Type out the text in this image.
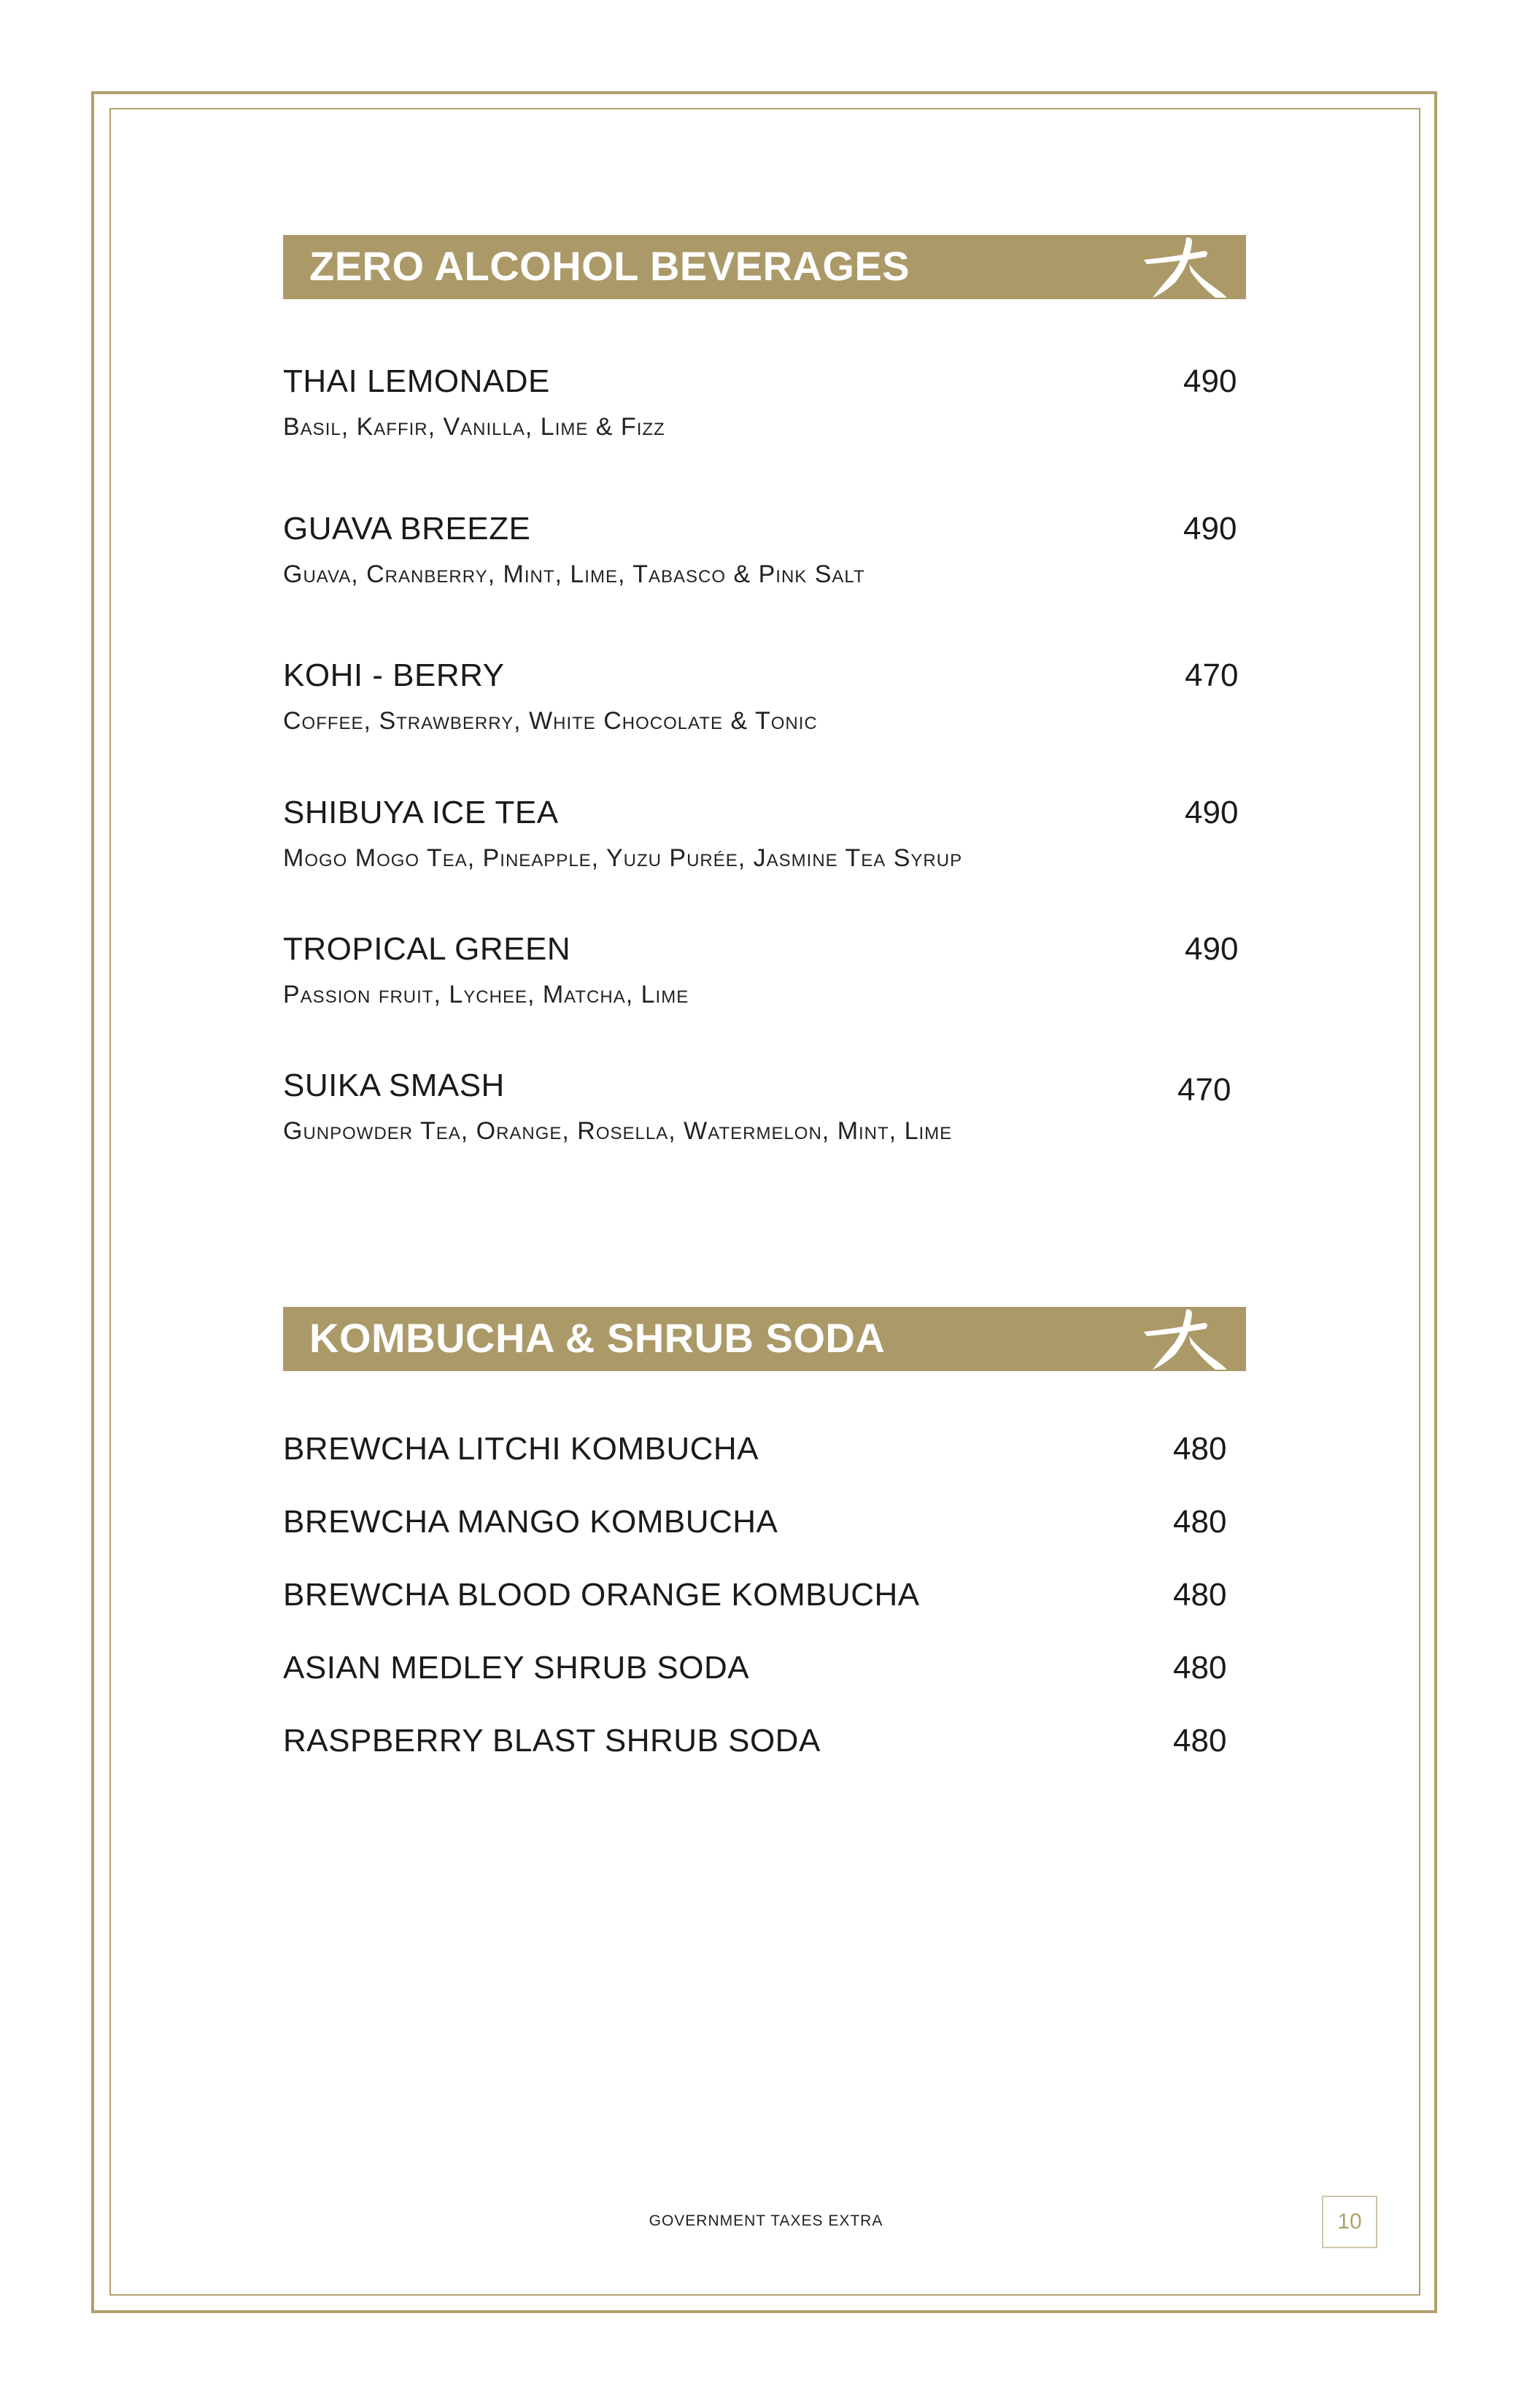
ZERO ALCOHOL BEVERAGES
THAI LEMONADE	490
Basil, Kaffir, Vanilla, Lime & Fizz
GUAVA BREEZE	490
Guava, Cranberry, Mint, Lime, Tabasco & Pink Salt
KOHI - BERRY	470
Coffee, Strawberry, White Chocolate & Tonic
SHIBUYA ICE TEA	490
Mogo Mogo Tea, Pineapple, Yuzu Purée, Jasmine Tea Syrup
TROPICAL GREEN	490
Passion fruit, Lychee, Matcha, Lime
SUIKA SMASH	470
Gunpowder Tea, Orange, Rosella, Watermelon, Mint, Lime
KOMBUCHA & SHRUB SODA
BREWCHA LITCHI KOMBUCHA	480
BREWCHA MANGO KOMBUCHA	480
BREWCHA BLOOD ORANGE KOMBUCHA	480
ASIAN MEDLEY SHRUB SODA	480
RASPBERRY BLAST SHRUB SODA	480
GOVERNMENT TAXES EXTRA	10
